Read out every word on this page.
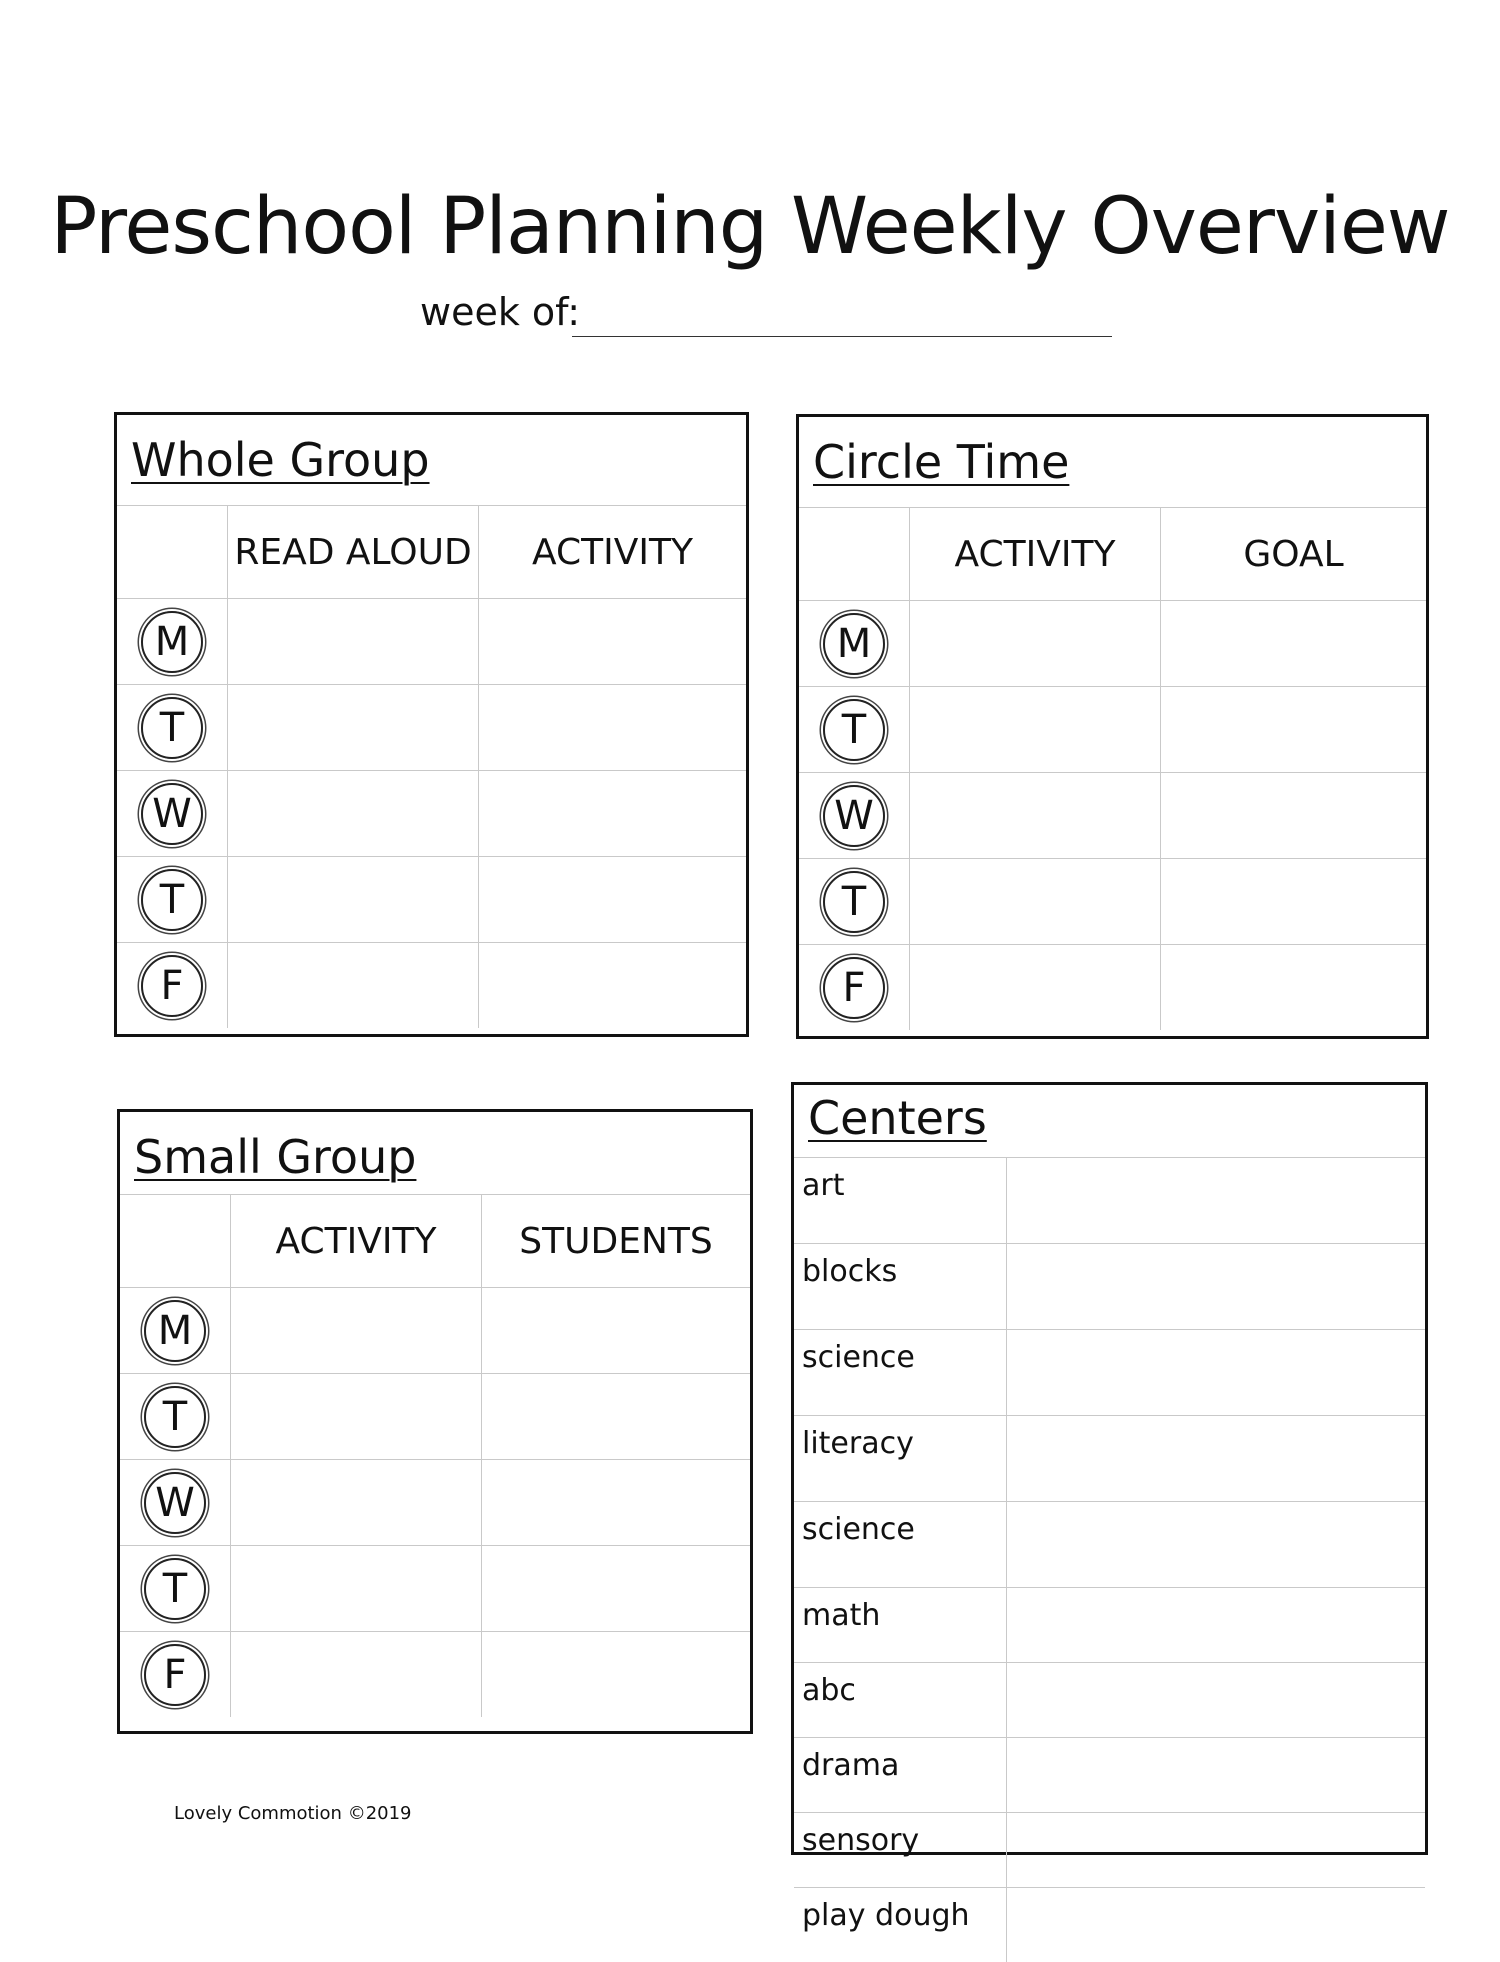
Preschool Planning Weekly Overview
week of:
Whole Group
	READ ALOUD	ACTIVITY
M		
T		
W		
T		
F		
Circle Time
	ACTIVITY	GOAL
M		
T		
W		
T		
F		
Small Group
	ACTIVITY	STUDENTS
M		
T		
W		
T		
F		
Centers
art	
blocks	
science	
literacy	
science	
math	
abc	
drama	
sensory	
play dough	
Lovely Commotion ©2019
